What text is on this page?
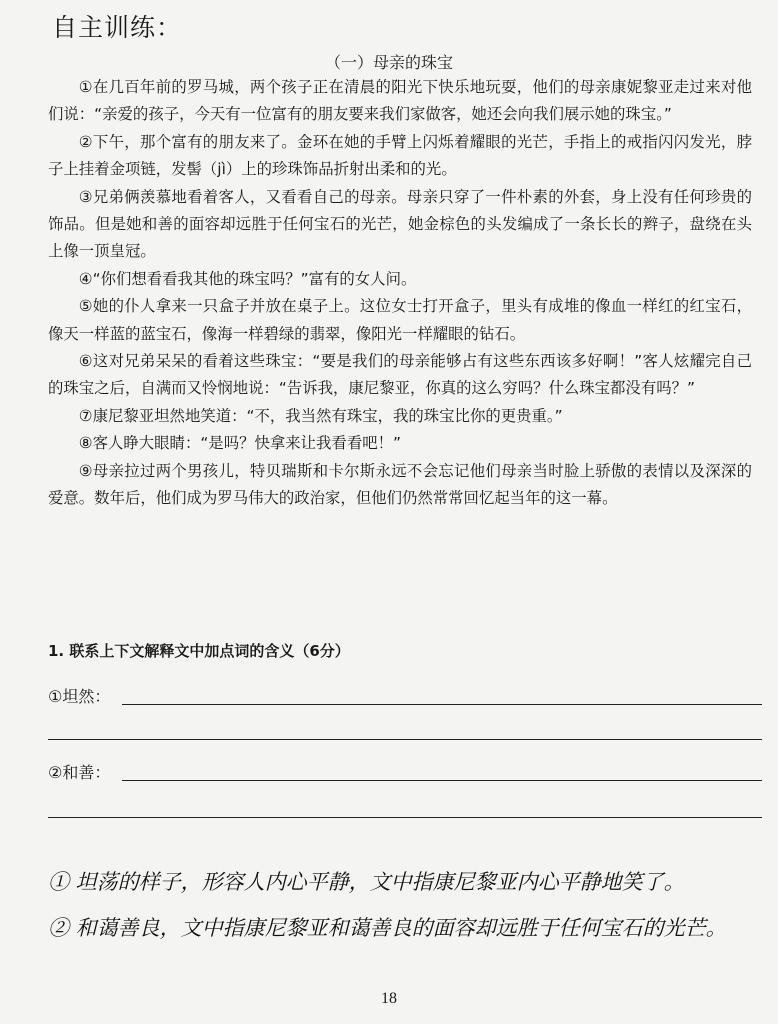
自主训练：
（一）母亲的珠宝

①在几百年前的罗马城，两个孩子正在清晨的阳光下快乐地玩耍，他们的母亲康妮黎亚走过来对他们说：“亲爱的孩子，今天有一位富有的朋友要来我们家做客，她还会向我们展示她的珠宝。”

②下午，那个富有的朋友来了。金环在她的手臂上闪烁着耀眼的光芒，手指上的戒指闪闪发光，脖子上挂着金项链，发髻（jì）上的珍珠饰品折射出柔和的光。

③兄弟俩羡慕地看着客人，又看看自己的母亲。母亲只穿了一件朴素的外套，身上没有任何珍贵的饰品。但是她和善的面容却远胜于任何宝石的光芒，她金棕色的头发编成了一条长长的辫子，盘绕在头上像一顶皇冠。

④“你们想看看我其他的珠宝吗？”富有的女人问。

⑤她的仆人拿来一只盒子并放在桌子上。这位女士打开盒子，里头有成堆的像血一样红的红宝石，像天一样蓝的蓝宝石，像海一样碧绿的翡翠，像阳光一样耀眼的钻石。

⑥这对兄弟呆呆的看着这些珠宝：“要是我们的母亲能够占有这些东西该多好啊！”客人炫耀完自己的珠宝之后，自满而又怜悯地说：“告诉我，康尼黎亚，你真的这么穷吗？什么珠宝都没有吗？”

⑦康尼黎亚坦然地笑道：“不，我当然有珠宝，我的珠宝比你的更贵重。”

⑧客人睁大眼睛：“是吗？快拿来让我看看吧！”

⑨母亲拉过两个男孩儿，特贝瑞斯和卡尔斯永远不会忘记他们母亲当时脸上骄傲的表情以及深深的爱意。数年后，他们成为罗马伟大的政治家，但他们仍然常常回忆起当年的这一幕。

1. 联系上下文解释文中加点词的含义（6分）
①坦然：
②和善：
① 坦荡的样子，形容人内心平静，文中指康尼黎亚内心平静地笑了。
② 和蔼善良，文中指康尼黎亚和蔼善良的面容却远胜于任何宝石的光芒。
18
